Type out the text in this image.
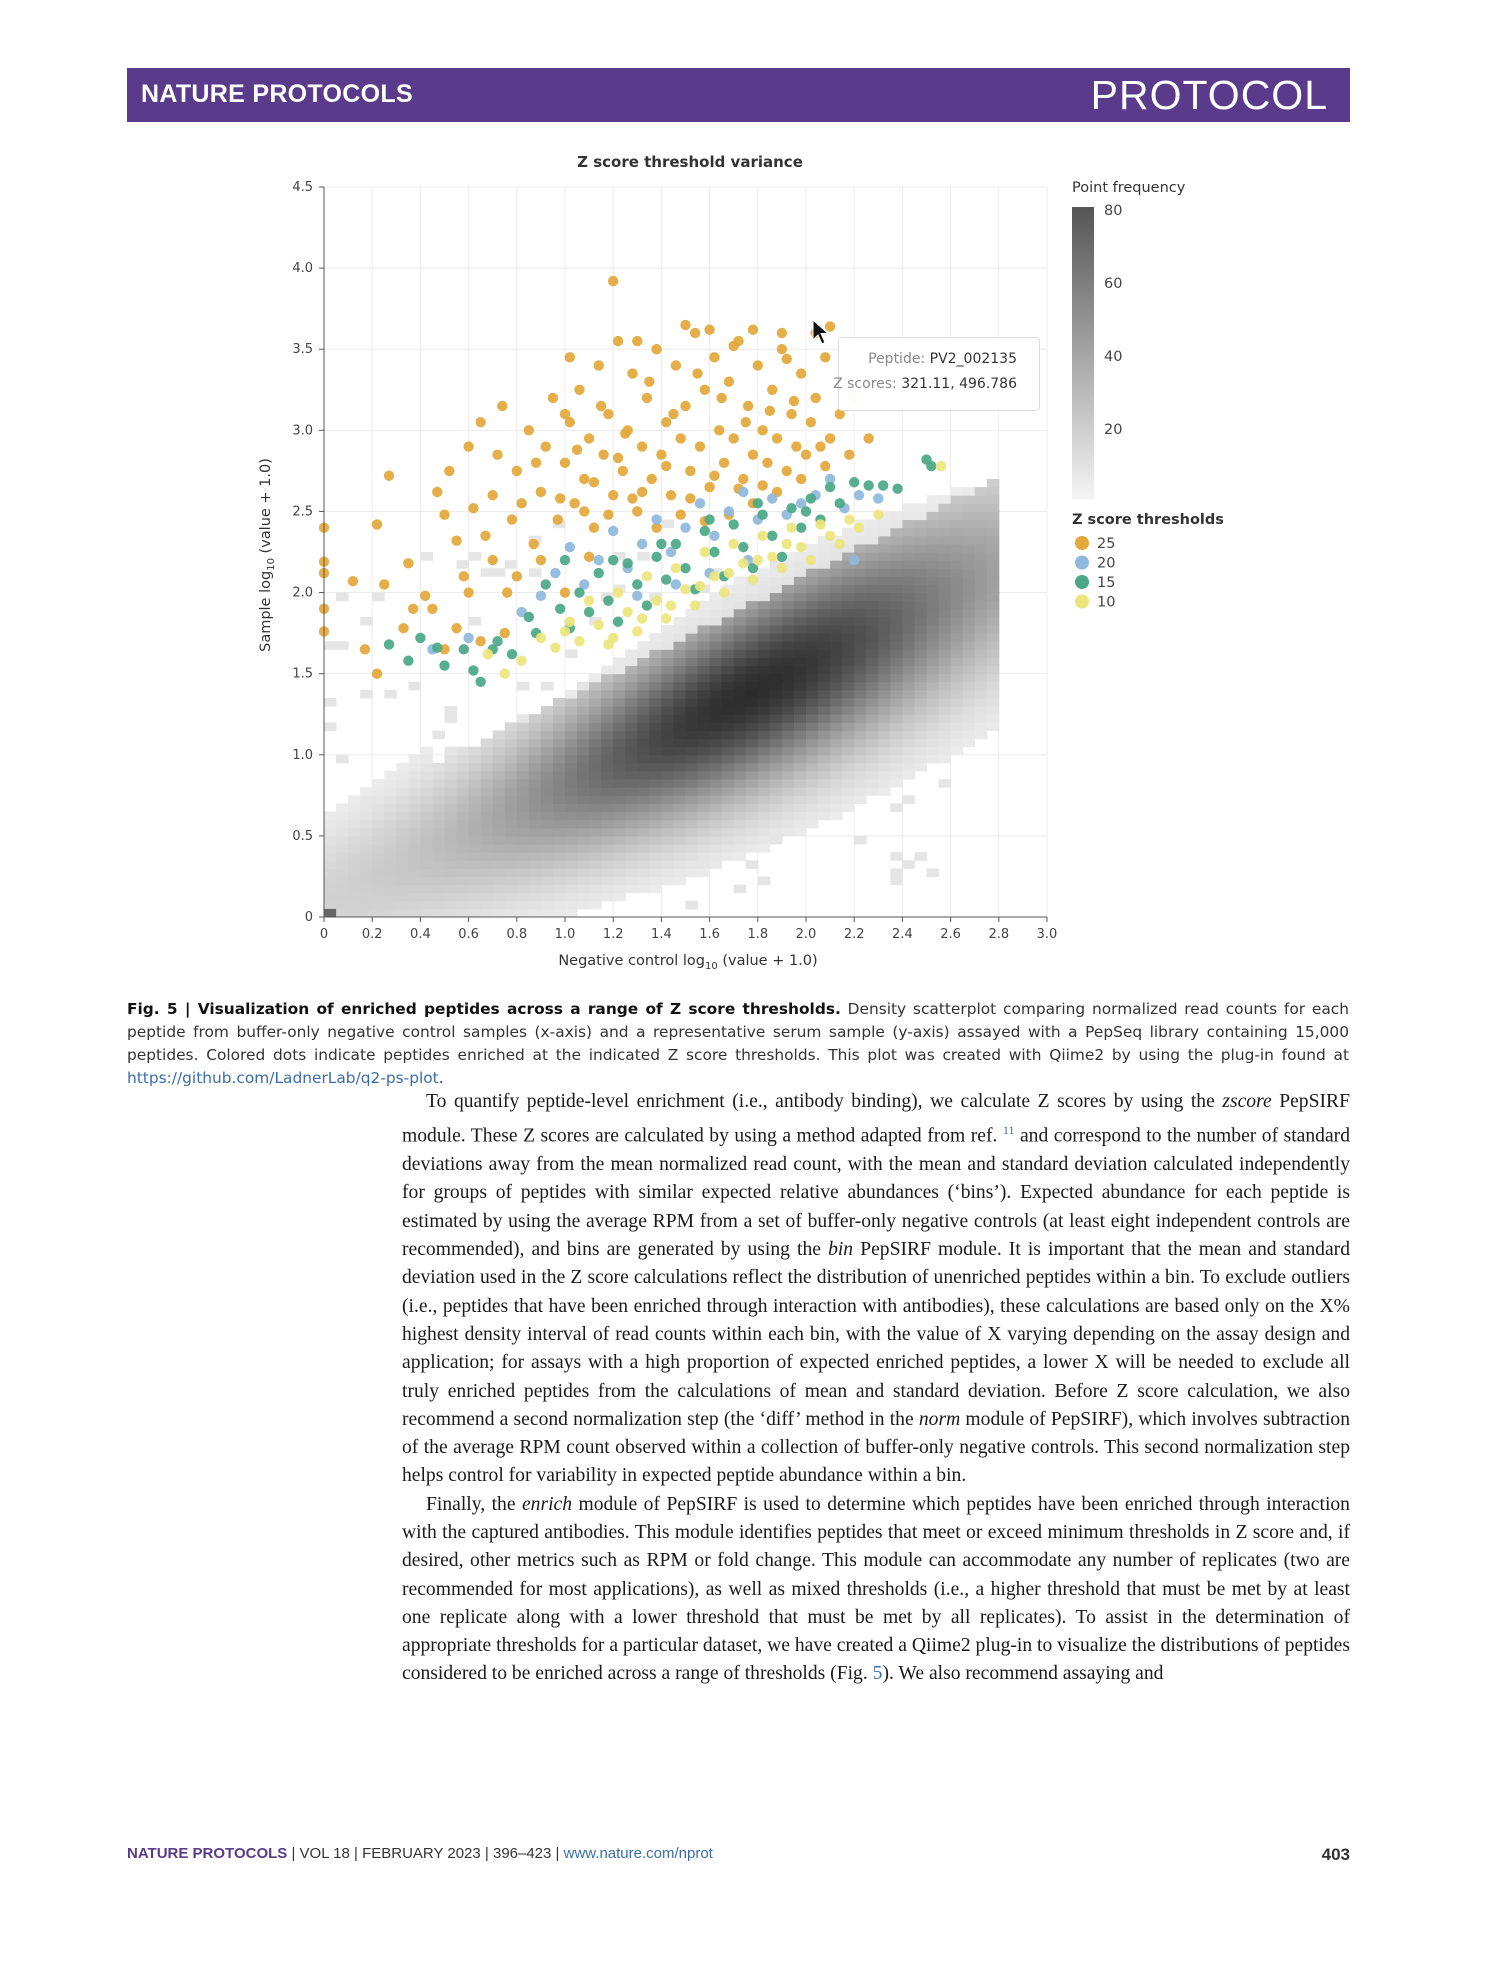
NATURE PROTOCOLS	PROTOCOL
Z score threshold variance
0	0.2 0.4 0.6 0.8 1.0 1.2 1.4 1.6 1.8 2.0 2.2 2.4 2.6 2.8 3.0
0
0.5
1.0
1.5
2.0
2.5
3.0
3.5
4.0
4.5
Negative control $\log_{10}$ (value + 1.0)
Sample $\log_{10}$ (value + 1.0)
Point frequency
80
60
40
20
Z score thresholds
25
20
15
10
Peptide: PV2_002135
Z scores: 321.11, 496.786
Fig. 5 | Visualization of enriched peptides across a range of Z score thresholds. Density scatterplot comparing normalized read counts for each peptide from buffer-only negative control samples (x-axis) and a representative serum sample (y-axis) assayed with a PepSeq library containing 15,000 peptides. Colored dots indicate peptides enriched at the indicated Z score thresholds. This plot was created with Qiime2 by using the plug-in found at https://github.com/LadnerLab/q2-ps-plot.

To quantify peptide-level enrichment (i.e., antibody binding), we calculate Z scores by using the zscore PepSIRF module. These Z scores are calculated by using a method adapted from ref. $^{11}$ and correspond to the number of standard deviations away from the mean normalized read count, with the mean and standard deviation calculated independently for groups of peptides with similar expected relative abundances (‘bins’). Expected abundance for each peptide is estimated by using the average RPM from a set of buffer-only negative controls (at least eight independent controls are recommended), and bins are generated by using the bin PepSIRF module. It is important that the mean and standard deviation used in the Z score calculations reflect the distribution of unenriched peptides within a bin. To exclude outliers (i.e., peptides that have been enriched through interaction with antibodies), these calculations are based only on the X% highest density interval of read counts within each bin, with the value of X varying depending on the assay design and application; for assays with a high proportion of expected enriched peptides, a lower X will be needed to exclude all truly enriched peptides from the calculations of mean and standard deviation. Before Z score calculation, we also recommend a second normalization step (the ‘diff’ method in the norm module of PepSIRF), which involves subtraction of the average RPM count observed within a collection of buffer-only negative controls. This second normalization step helps control for variability in expected peptide abundance within a bin.

Finally, the enrich module of PepSIRF is used to determine which peptides have been enriched through interaction with the captured antibodies. This module identifies peptides that meet or exceed minimum thresholds in Z score and, if desired, other metrics such as RPM or fold change. This module can accommodate any number of replicates (two are recommended for most applications), as well as mixed thresholds (i.e., a higher threshold that must be met by at least one replicate along with a lower threshold that must be met by all replicates). To assist in the determination of appropriate thresholds for a particular dataset, we have created a Qiime2 plug-in to visualize the distributions of peptides considered to be enriched across a range of thresholds (Fig. 5). We also recommend assaying and

NATURE PROTOCOLS | VOL 18 | FEBRUARY 2023 | 396–423 | www.nature.com/nprot	403
